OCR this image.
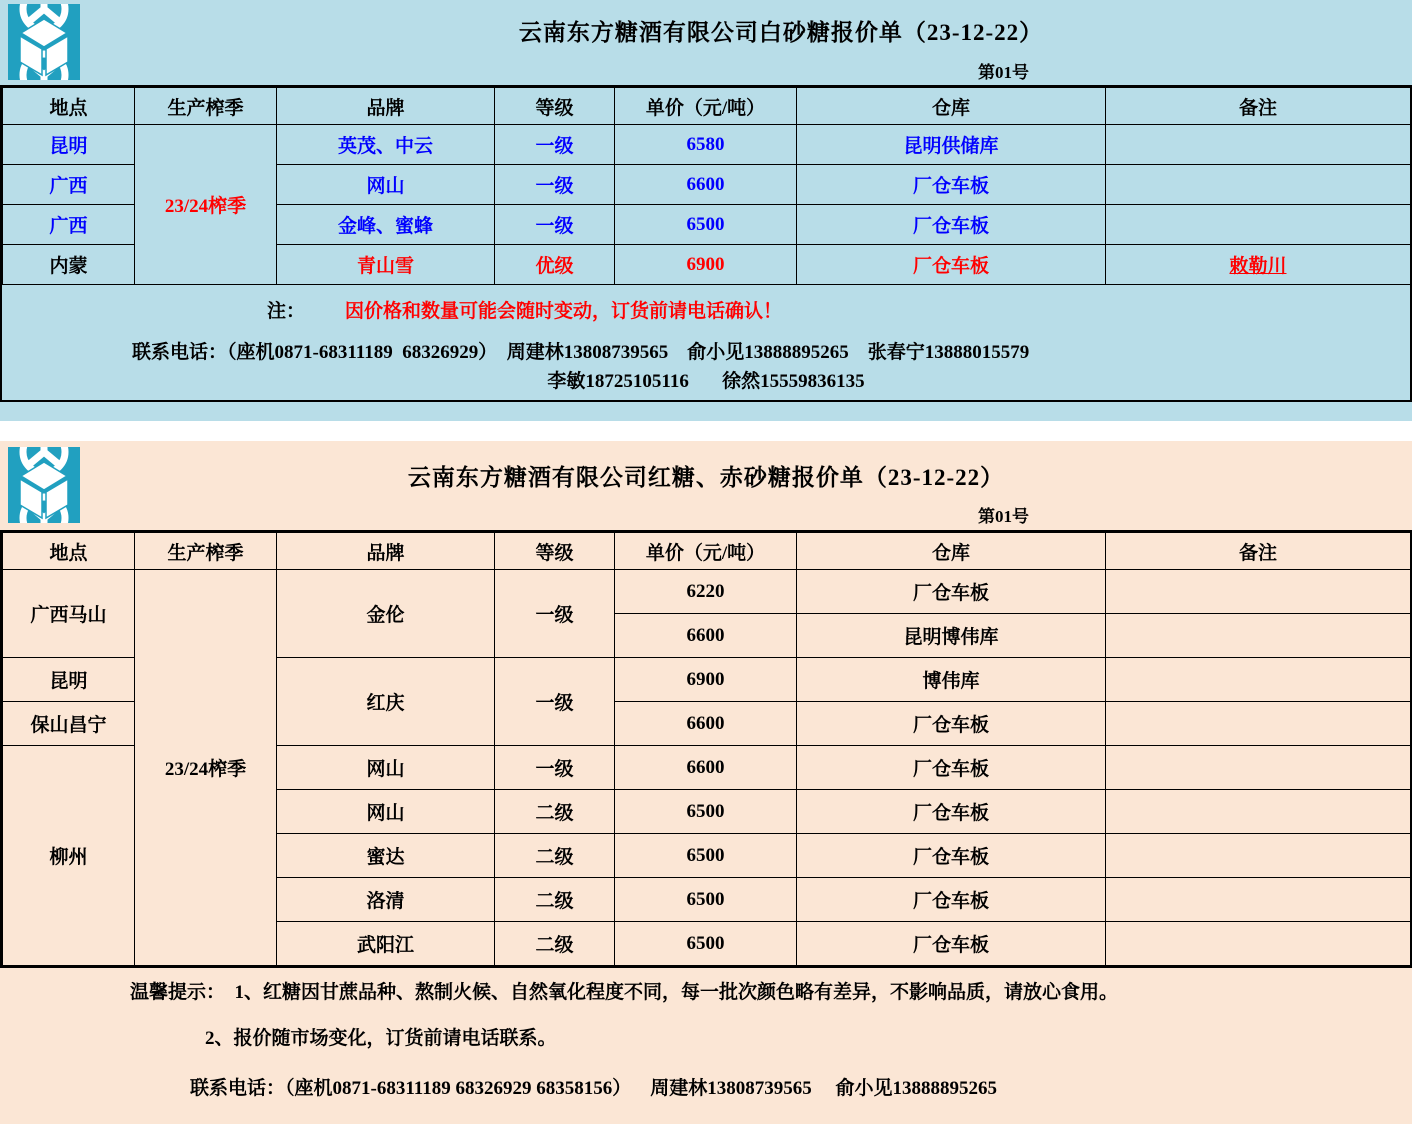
云南东方糖酒有限公司白砂糖报价单（23-12-22）
第01号
地点	生产榨季	品牌	等级	单价（元/吨）	仓库	备注
昆明	23/24榨季	英茂、中云	一级	6580	昆明供储库	
广西		网山	一级	6600	厂仓车板	
广西		金峰、蜜蜂	一级	6500	厂仓车板	
内蒙		青山雪	优级	6900	厂仓车板	敕勒川
注： 因价格和数量可能会随时变动，订货前请电话确认！
联系电话：（座机0871-68311189  68326929）  周建林13808739565    俞小见13888895265    张春宁13888015579
李敏18725105116       徐然15559836135
云南东方糖酒有限公司红糖、赤砂糖报价单（23-12-22）
第01号
地点	生产榨季	品牌	等级	单价（元/吨）	仓库	备注
广西马山	23/24榨季	金伦	一级	6220	厂仓车板	
				6600	昆明博伟库	
昆明		红庆	一级	6900	博伟库	
保山昌宁				6600	厂仓车板	
柳州		网山	一级	6600	厂仓车板	
		网山	二级	6500	厂仓车板	
		蜜达	二级	6500	厂仓车板	
		洛清	二级	6500	厂仓车板	
		武阳江	二级	6500	厂仓车板	
温馨提示：  1、红糖因甘蔗品种、熬制火候、自然氧化程度不同，每一批次颜色略有差异，不影响品质，请放心食用。
2、报价随市场变化，订货前请电话联系。
联系电话：（座机0871-68311189 68326929 68358156）    周建林13808739565     俞小见13888895265
